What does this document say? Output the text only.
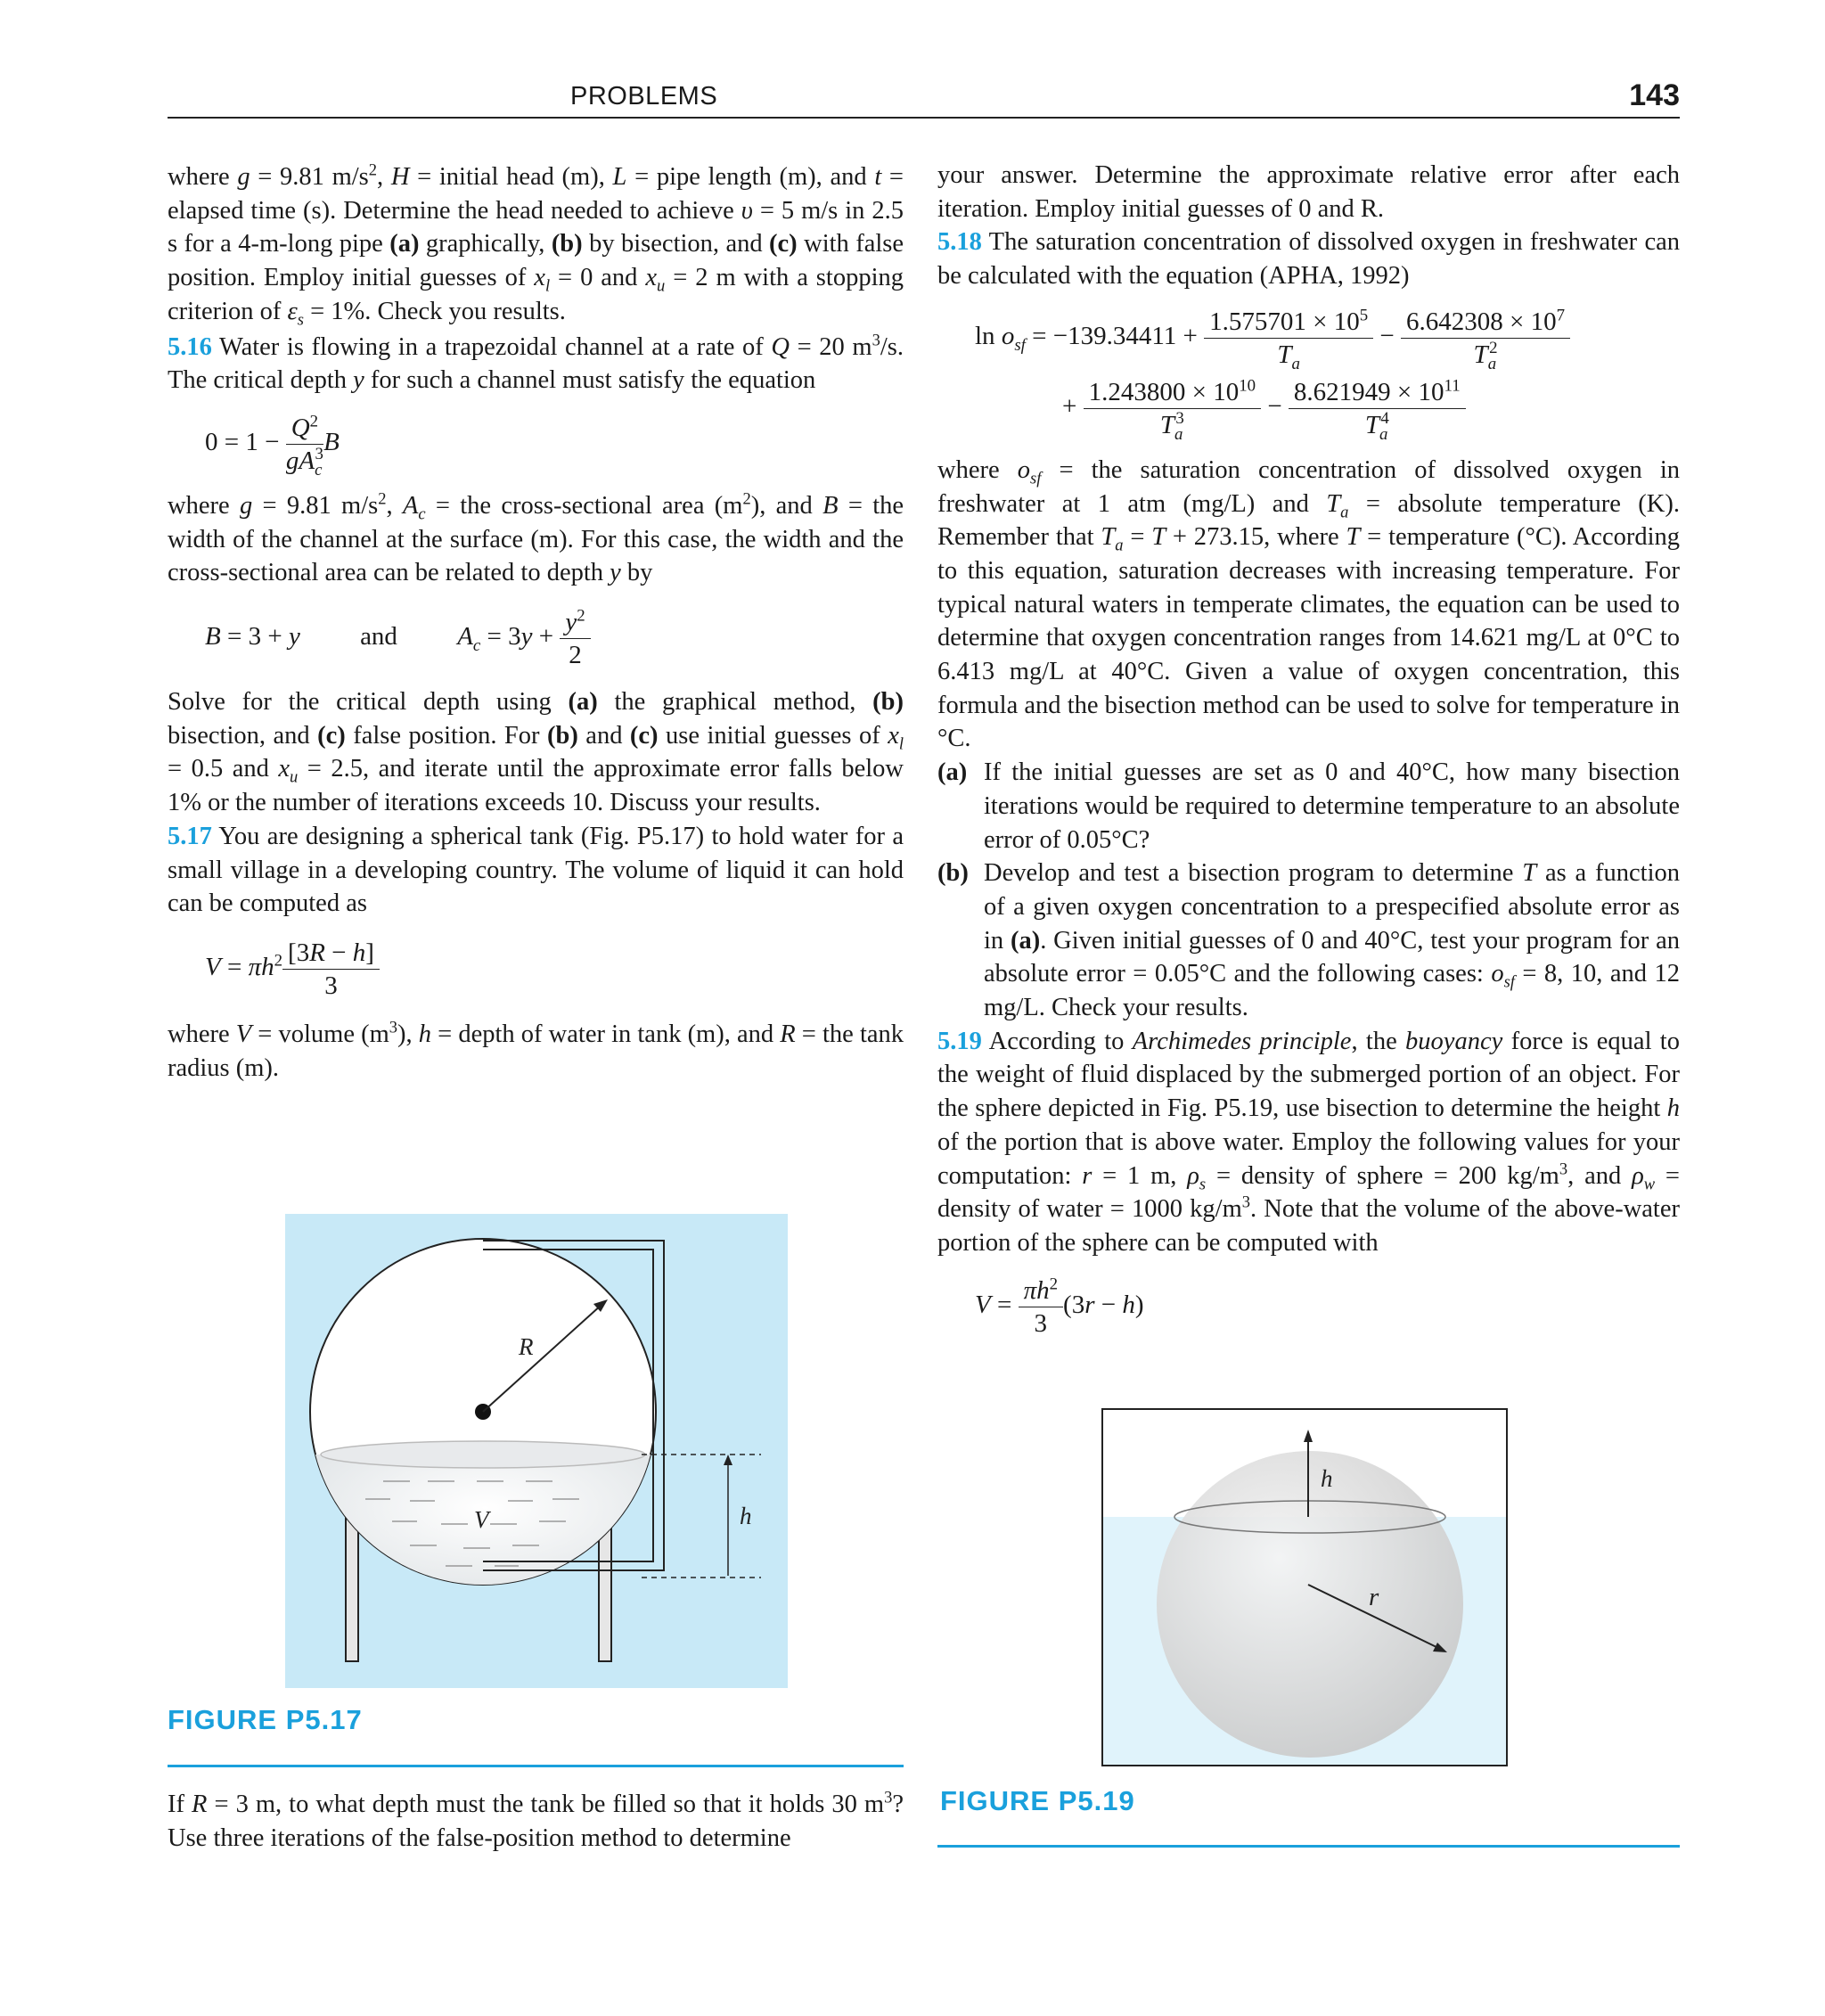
PROBLEMS	143

where g = 9.81 $m/s^2$, H = initial head (m), L = pipe length (m), and t = elapsed time (s). Determine the head needed to achieve υ = 5 m/s in 2.5 s for a 4-m-long pipe (a) graphically, (b) by bisection, and (c) with false position. Employ initial guesses of $x_l = 0$ and $x_u = 2$ m with a stopping criterion of $\varepsilon_s = 1\%$. Check you results.

5.16 Water is flowing in a trapezoidal channel at a rate of Q = 20 $m^3/s$. The critical depth y for such a channel must satisfy the equation

$0 = 1 - \frac{Q^2}{gA_c^3}$ B

where g = 9.81 $m/s^2$, $A_c$ = the cross-sectional area $(m^2)$, and B = the width of the channel at the surface (m). For this case, the width and the cross-sectional area can be related to depth y by

B = 3 + y and $A_c = 3y + \frac{y^2}{2}$

Solve for the critical depth using (a) the graphical method, (b) bisection, and (c) false position. For (b) and (c) use initial guesses of $x_l = 0.5$ and $x_u = 2.5$, and iterate until the approximate error falls below 1% or the number of iterations exceeds 10. Discuss your results.

5.17 You are designing a spherical tank (Fig. P5.17) to hold water for a small village in a developing country. The volume of liquid it can hold can be computed as

$V = \pi h^2 \frac{[3R - h]}{3}$

where V = volume $(m^3)$, h = depth of water in tank (m), and R = the tank radius (m).

R
V	h
FIGURE P5.17

If R = 3 m, to what depth must the tank be filled so that it holds 30 $m^3$? Use three iterations of the false-position method to determine

your answer. Determine the approximate relative error after each iteration. Employ initial guesses of 0 and R.

5.18 The saturation concentration of dissolved oxygen in freshwater can be calculated with the equation (APHA, 1992)

$\ln o_{sf} = -139.34411 + \frac{1.575701 \times 10^5}{T_a} - \frac{6.642308 \times 10^7}{T_a^2}$
+ $\frac{1.243800 \times 10^{10}}{T_a^3} - \frac{8.621949 \times 10^{11}}{T_a^4}$

where $o_{sf}$ = the saturation concentration of dissolved oxygen in freshwater at 1 atm (mg/L) and $T_a$ = absolute temperature (K). Remember that $T_a = T + 273.15$, where T = temperature (°C). According to this equation, saturation decreases with increasing temperature. For typical natural waters in temperate climates, the equation can be used to determine that oxygen concentration ranges from 14.621 mg/L at 0°C to 6.413 mg/L at 40°C. Given a value of oxygen concentration, this formula and the bisection method can be used to solve for temperature in °C.

(a) If the initial guesses are set as 0 and 40°C, how many bisection iterations would be required to determine temperature to an absolute error of 0.05°C?

(b) Develop and test a bisection program to determine T as a function of a given oxygen concentration to a prespecified absolute error as in (a). Given initial guesses of 0 and 40°C, test your program for an absolute error = 0.05°C and the following cases: $o_{sf} = 8$, 10, and 12 mg/L. Check your results.

5.19 According to Archimedes principle, the buoyancy force is equal to the weight of fluid displaced by the submerged portion of an object. For the sphere depicted in Fig. P5.19, use bisection to determine the height h of the portion that is above water. Employ the following values for your computation: r = 1 m, $\rho_s$ = density of sphere = 200 $kg/m^3$, and $\rho_w$ = density of water = 1000 $kg/m^3$. Note that the volume of the above-water portion of the sphere can be computed with

$V = \frac{\pi h^2}{3} (3r - h)$
h
r
FIGURE P5.19
